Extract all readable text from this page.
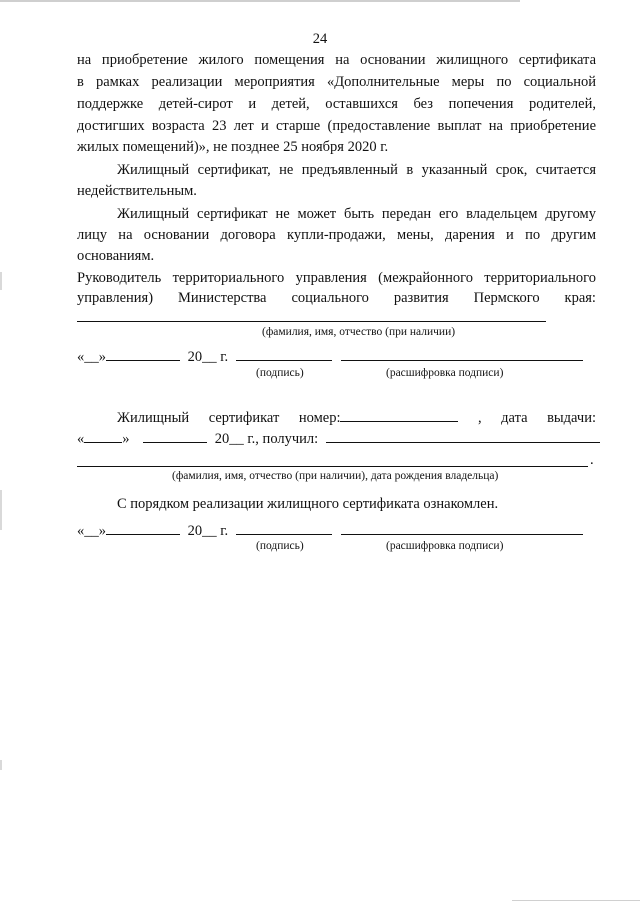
24
на приобретение жилого помещения на основании жилищного сертификата
в рамках реализации мероприятия «Дополнительные меры по социальной
поддержке детей-сирот и детей, оставшихся без попечения родителей,
достигших возраста 23 лет и старше (предоставление выплат на приобретение
жилых помещений)», не позднее 25 ноября 2020 г.
Жилищный сертификат, не предъявленный в указанный срок, считается
недействительным.
Жилищный сертификат не может быть передан его владельцем другому
лицу на основании договора купли-продажи, мены, дарения и по другим
основаниям.
Руководитель территориального управления (межрайонного территориального
управления) Министерства социального развития Пермского края:
(фамилия, имя, отчество (при наличии)
«__»	20__ г.
(подпись)	(расшифровка подписи)
Жилищный сертификат номер:	, дата выдачи:
«	»	20__ г., получил:
.
(фамилия, имя, отчество (при наличии), дата рождения владельца)
С порядком реализации жилищного сертификата ознакомлен.
«__»	20__ г.
(подпись)	(расшифровка подписи)
